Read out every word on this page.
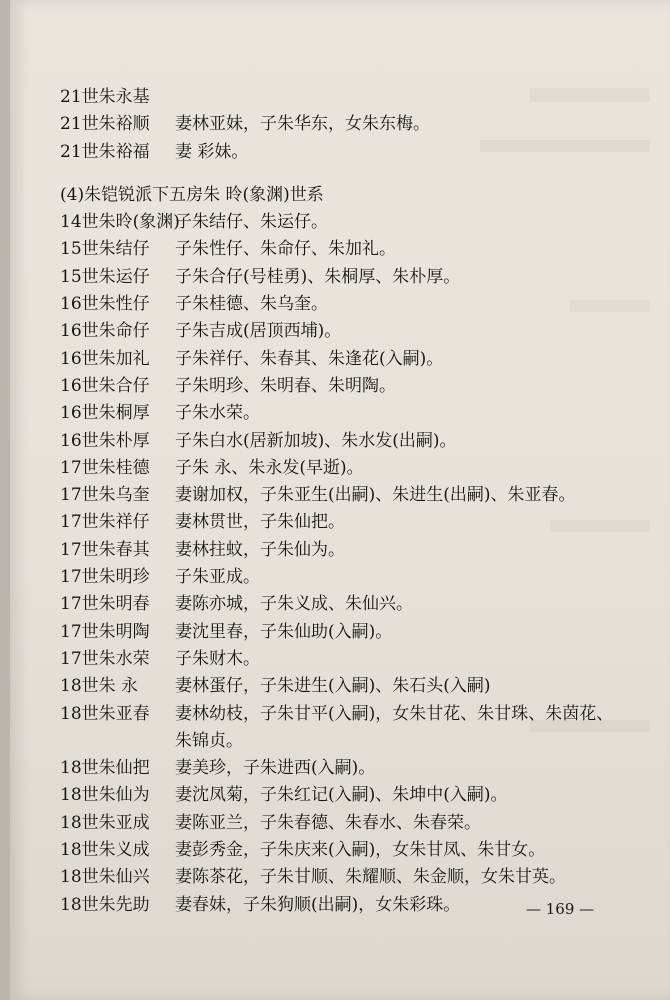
21世朱永基
21世朱裕顺 妻林亚妹，子朱华东，女朱东梅。
21世朱裕福 妻 彩妹。
(4)朱铠锐派下五房朱 昤(象渊)世系
14世朱昤(象渊)
子朱结仔、朱运仔。
15世朱结仔 子朱性仔、朱命仔、朱加礼。
15世朱运仔 子朱合仔(号桂勇)、朱桐厚、朱朴厚。
16世朱性仔 子朱桂德、朱乌奎。
16世朱命仔 子朱吉成(居顶西埔)。
16世朱加礼 子朱祥仔、朱春其、朱逢花(入嗣)。
16世朱合仔 子朱明珍、朱明春、朱明陶。
16世朱桐厚 子朱水荣。
16世朱朴厚 子朱白水(居新加坡)、朱水发(出嗣)。
17世朱桂德 子朱 永、朱永发(早逝)。
17世朱乌奎 妻谢加权，子朱亚生(出嗣)、朱进生(出嗣)、朱亚春。
17世朱祥仔 妻林贯世，子朱仙把。
17世朱春其 妻林拄蚊，子朱仙为。
17世朱明珍 子朱亚成。
17世朱明春 妻陈亦城，子朱义成、朱仙兴。
17世朱明陶 妻沈里春，子朱仙助(入嗣)。
17世朱水荣 子朱财木。
18世朱 永 妻林蛋仔，子朱进生(入嗣)、朱石头(入嗣)
18世朱亚春 妻林幼枝，子朱甘平(入嗣)，女朱甘花、朱甘珠、朱茵花、
朱锦贞。
18世朱仙把 妻美珍，子朱进西(入嗣)。
18世朱仙为 妻沈凤菊，子朱红记(入嗣)、朱坤中(入嗣)。
18世朱亚成 妻陈亚兰，子朱春德、朱春水、朱春荣。
18世朱义成 妻彭秀金，子朱庆来(入嗣)，女朱甘凤、朱甘女。
18世朱仙兴 妻陈茶花，子朱甘顺、朱耀顺、朱金顺，女朱甘英。
18世朱先助 妻春妹，子朱狗顺(出嗣)，女朱彩珠。	— 169 —
